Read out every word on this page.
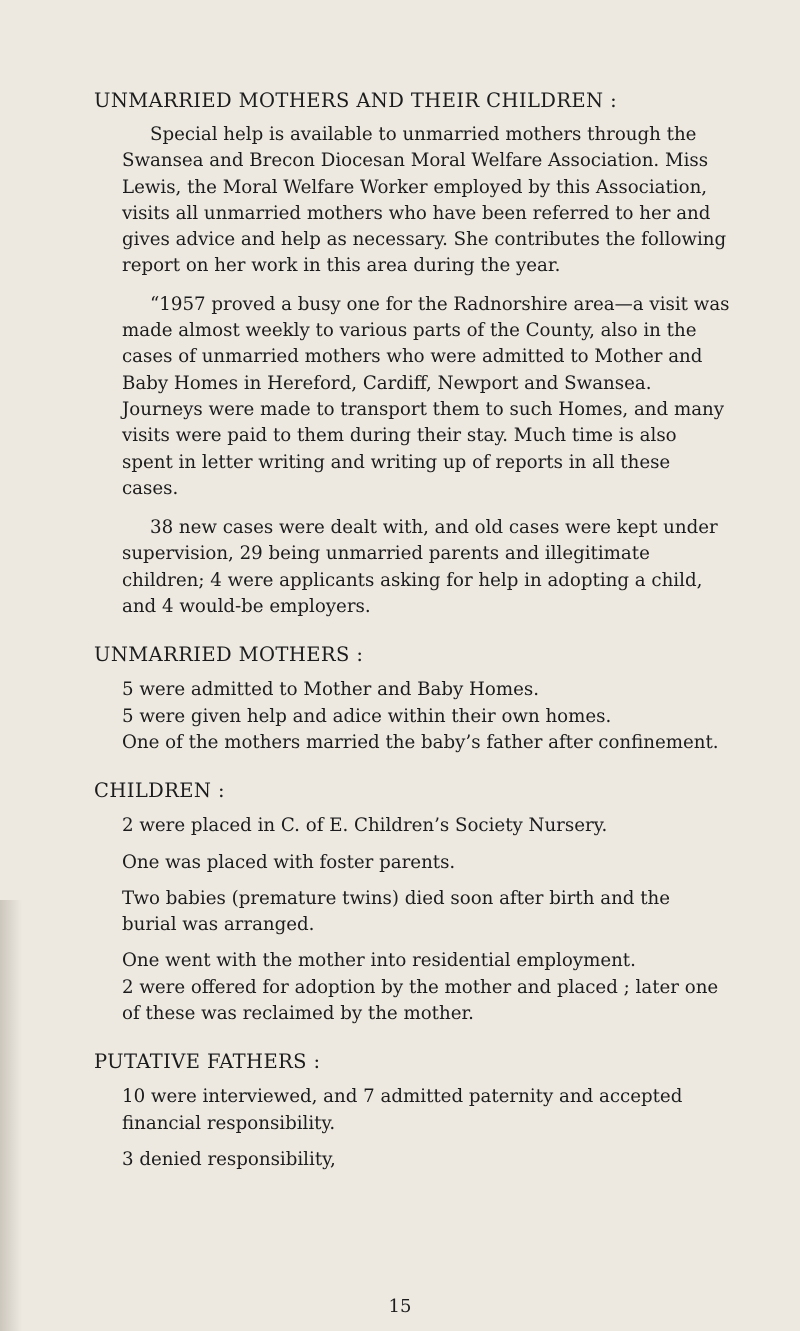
UNMARRIED MOTHERS AND THEIR CHILDREN :

Special help is available to unmarried mothers through the Swansea and Brecon Diocesan Moral Welfare Association. Miss Lewis, the Moral Welfare Worker employed by this Association, visits all unmarried mothers who have been referred to her and gives advice and help as necessary. She contributes the following report on her work in this area during the year.

“1957 proved a busy one for the Radnorshire area—a visit was made almost weekly to various parts of the County, also in the cases of unmarried mothers who were admitted to Mother and Baby Homes in Hereford, Cardiff, Newport and Swansea. Journeys were made to transport them to such Homes, and many visits were paid to them during their stay. Much time is also spent in letter writing and writing up of reports in all these cases.

38 new cases were dealt with, and old cases were kept under supervision, 29 being unmarried parents and illegitimate children; 4 were applicants asking for help in adopting a child, and 4 would-be employers.

UNMARRIED MOTHERS :

5 were admitted to Mother and Baby Homes.

5 were given help and adice within their own homes.

One of the mothers married the baby’s father after confinement.

CHILDREN :

2 were placed in C. of E. Children’s Society Nursery.

One was placed with foster parents.

Two babies (premature twins) died soon after birth and the burial was arranged.

One went with the mother into residential employment.

2 were offered for adoption by the mother and placed ; later one of these was reclaimed by the mother.

PUTATIVE FATHERS :

10 were interviewed, and 7 admitted paternity and accepted financial responsibility.

3 denied responsibility,

15
